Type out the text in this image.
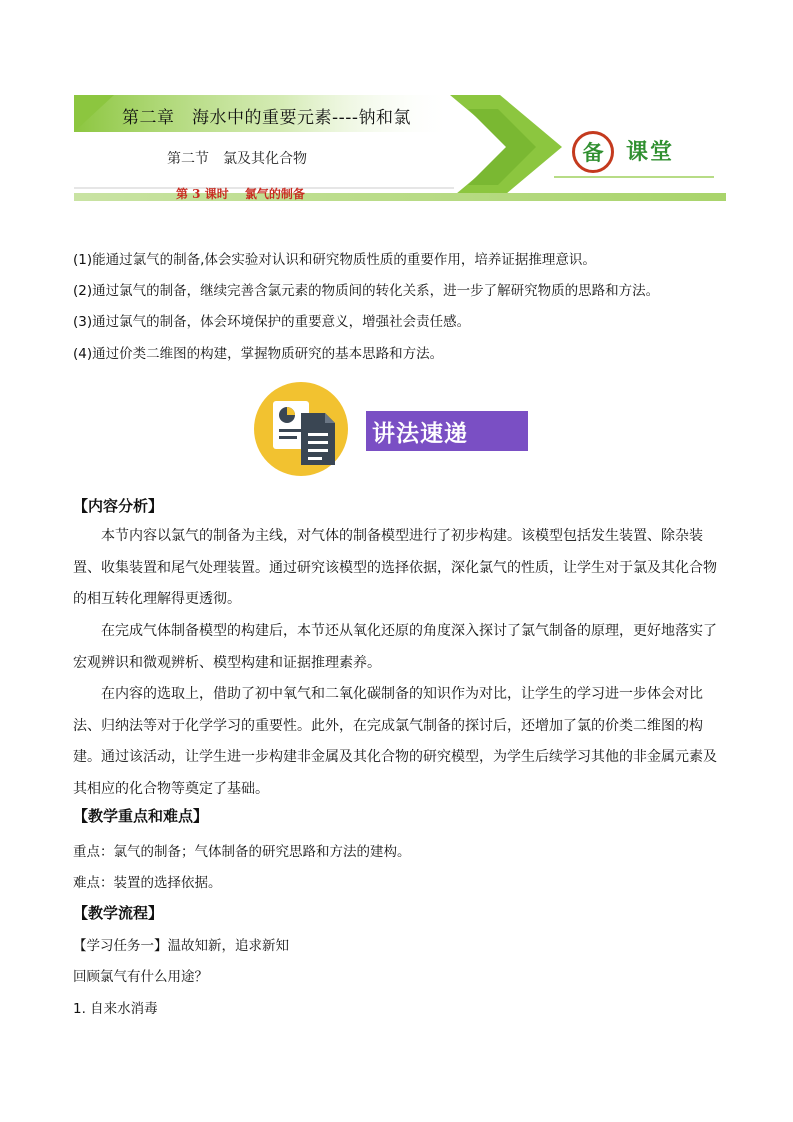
第二章　海水中的重要元素----钠和氯
第二节　氯及其化合物
第 3 课时　 氯气的制备
备	课堂
(1)能通过氯气的制备,体会实验对认识和研究物质性质的重要作用，培养证据推理意识。
(2)通过氯气的制备，继续完善含氯元素的物质间的转化关系，进一步了解研究物质的思路和方法。
(3)通过氯气的制备，体会环境保护的重要意义，增强社会责任感。
(4)通过价类二维图的构建，掌握物质研究的基本思路和方法。
讲法速递
【内容分析】
本节内容以氯气的制备为主线，对气体的制备模型进行了初步构建。该模型包括发生装置、除杂装置、收集装置和尾气处理装置。通过研究该模型的选择依据，深化氯气的性质，让学生对于氯及其化合物的相互转化理解得更透彻。
在完成气体制备模型的构建后，本节还从氧化还原的角度深入探讨了氯气制备的原理，更好地落实了宏观辨识和微观辨析、模型构建和证据推理素养。
在内容的选取上，借助了初中氧气和二氧化碳制备的知识作为对比，让学生的学习进一步体会对比法、归纳法等对于化学学习的重要性。此外，在完成氯气制备的探讨后，还增加了氯的价类二维图的构建。通过该活动，让学生进一步构建非金属及其化合物的研究模型，为学生后续学习其他的非金属元素及其相应的化合物等奠定了基础。
【教学重点和难点】
重点：氯气的制备；气体制备的研究思路和方法的建构。
难点：装置的选择依据。
【教学流程】
【学习任务一】温故知新，追求新知
回顾氯气有什么用途？
1. 自来水消毒
